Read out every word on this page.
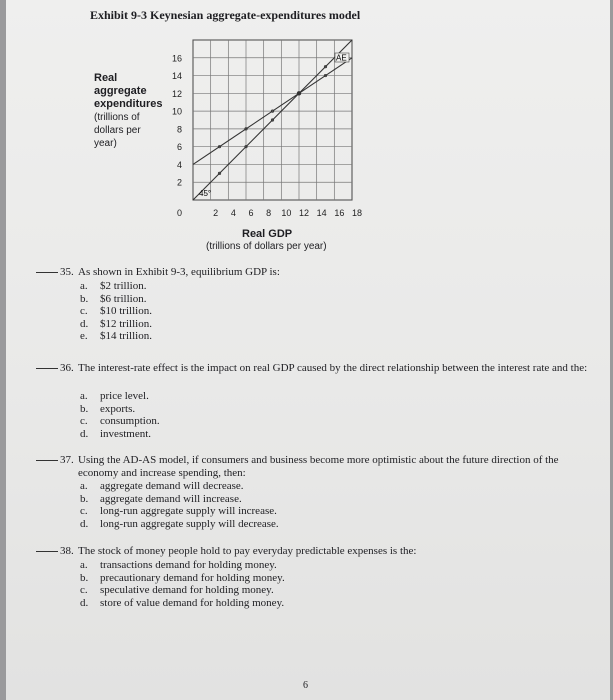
Exhibit 9-3 Keynesian aggregate-expenditures model
Real
aggregate
expenditures
(trillions of
dollars per
year)
2
4
6
8
10
12
14
16
0	2 4 6 8 10 12 14 16 18
45°
AE
Real GDP
(trillions of dollars per year)
35. As shown in Exhibit 9-3, equilibrium GDP is:
a. $2 trillion.
b. $6 trillion.
c. $10 trillion.
d. $12 trillion.
e. $14 trillion.
36. The interest-rate effect is the impact on real GDP caused by the direct relationship between the interest rate and the:
a. price level.
b. exports.
c. consumption.
d. investment.
37. Using the AD-AS model, if consumers and business become more optimistic about the future direction of the economy and increase spending, then:
a. aggregate demand will decrease.
b. aggregate demand will increase.
c. long-run aggregate supply will increase.
d. long-run aggregate supply will decrease.
38. The stock of money people hold to pay everyday predictable expenses is the:
a. transactions demand for holding money.
b. precautionary demand for holding money.
c. speculative demand for holding money.
d. store of value demand for holding money.
6
